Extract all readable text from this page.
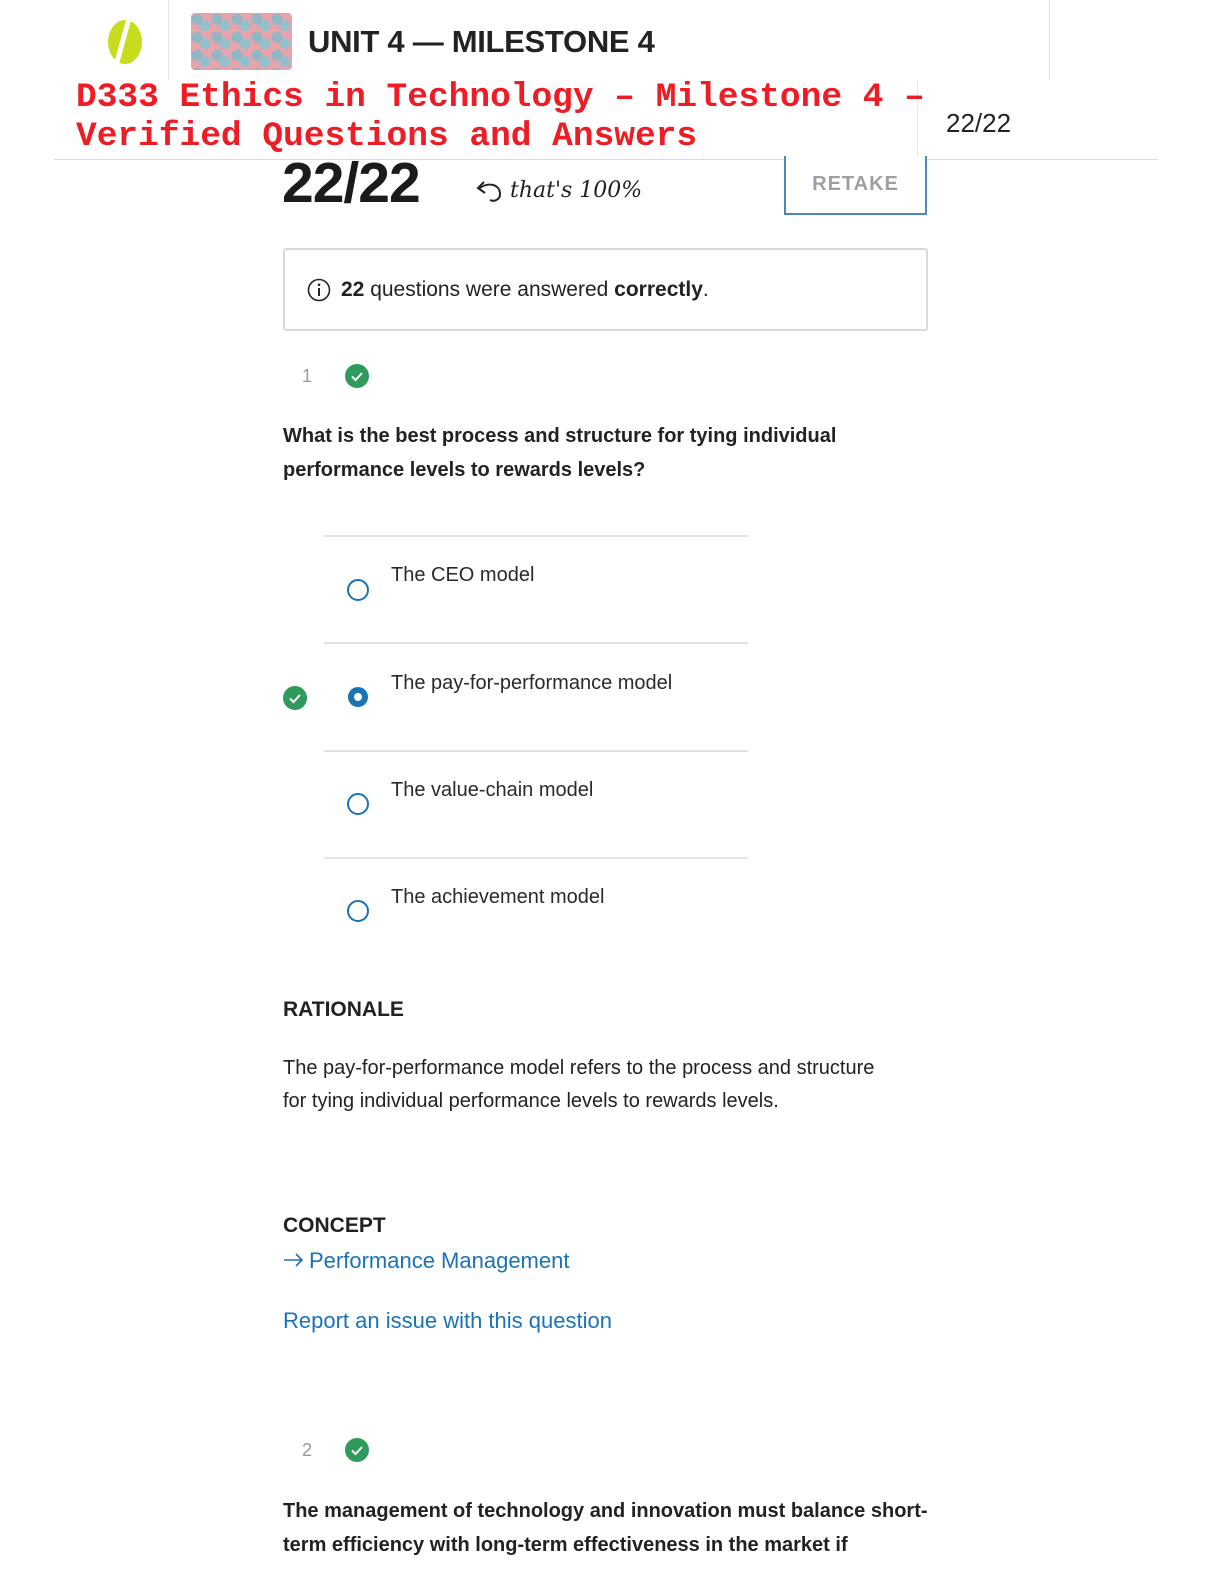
UNIT 4 — MILESTONE 4
22/22
D333 Ethics in Technology – Milestone 4 – Verified Questions and Answers
22/22	that's 100%	RETAKE
22 questions were answered correctly .
1
What is the best process and structure for tying individual performance levels to rewards levels?
The CEO model
The pay-for-performance model
The value-chain model
The achievement model
RATIONALE
The pay-for-performance model refers to the process and structure for tying individual performance levels to rewards levels.
CONCEPT
Performance Management
Report an issue with this question
2
The management of technology and innovation must balance short-term efficiency with long-term effectiveness in the market if
